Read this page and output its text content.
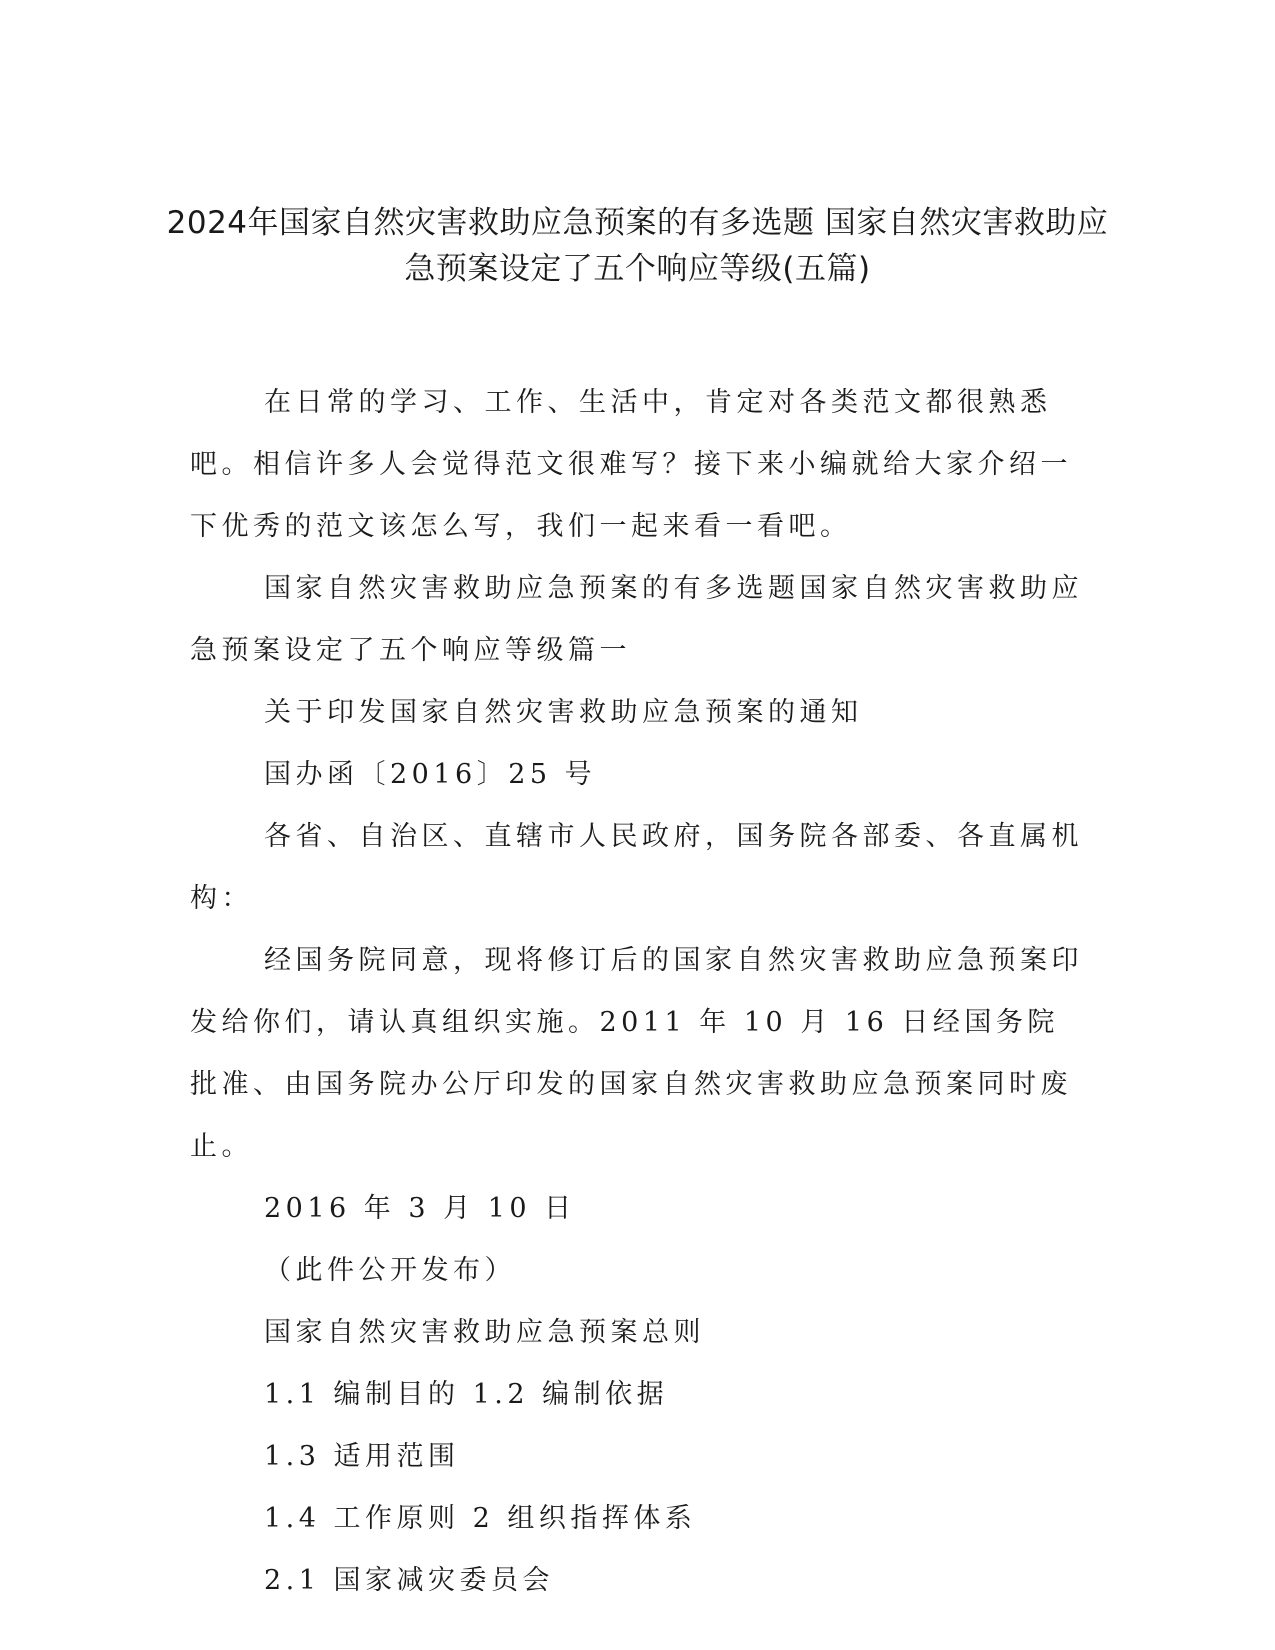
2024年国家自然灾害救助应急预案的有多选题 国家自然灾害救助应急预案设定了五个响应等级(五篇)

在日常的学习、工作、生活中，肯定对各类范文都很熟悉吧。相信许多人会觉得范文很难写？接下来小编就给大家介绍一下优秀的范文该怎么写，我们一起来看一看吧。

国家自然灾害救助应急预案的有多选题国家自然灾害救助应急预案设定了五个响应等级篇一

关于印发国家自然灾害救助应急预案的通知

国办函〔2016〕25 号

各省、自治区、直辖市人民政府，国务院各部委、各直属机构：

经国务院同意，现将修订后的国家自然灾害救助应急预案印发给你们，请认真组织实施。2011 年 10 月 16 日经国务院批准、由国务院办公厅印发的国家自然灾害救助应急预案同时废止。

2016 年 3 月 10 日

（此件公开发布）

国家自然灾害救助应急预案总则

1.1 编制目的 1.2 编制依据

1.3 适用范围

1.4 工作原则 2 组织指挥体系

2.1 国家减灾委员会
